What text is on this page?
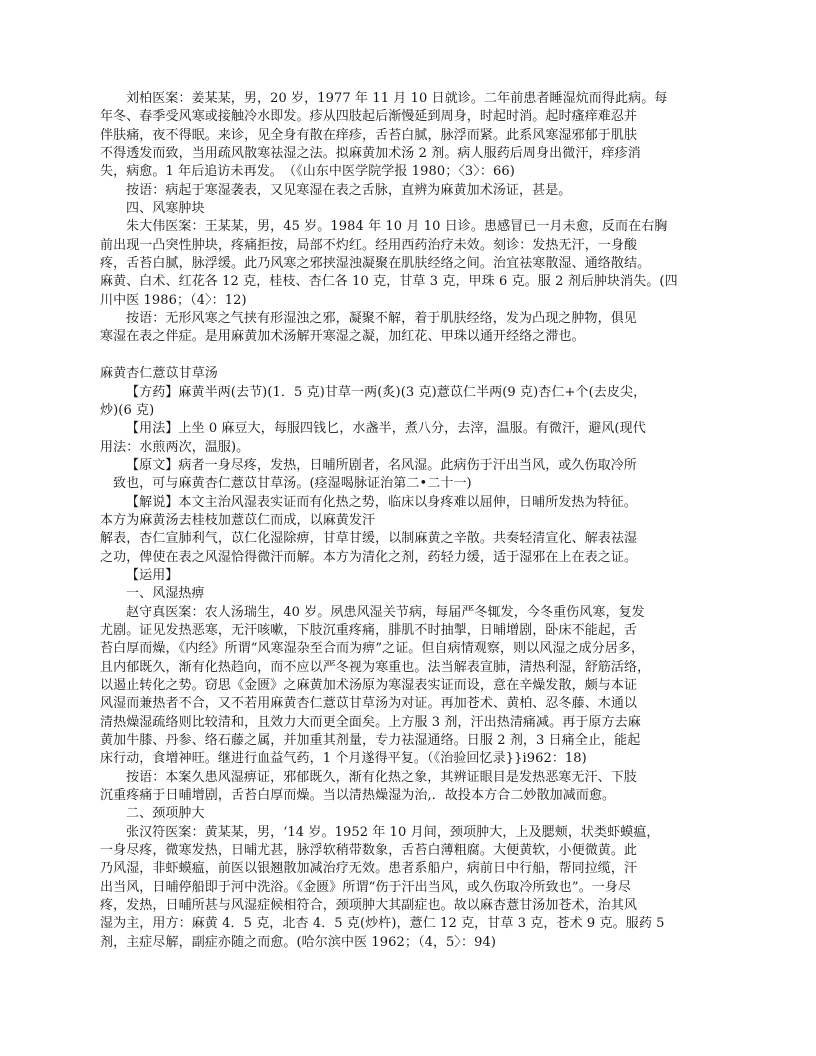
刘柏医案：姜某某，男，20 岁，1977 年 11 月 10 日就诊。二年前患者睡湿炕而得此病。每
年冬、春季受风寒或接触冷水即发。疹从四肢起后渐慢延到周身，时起时消。起时瘙痒难忍并
伴肤痛，夜不得眠。来诊，见全身有散在痒疹，舌苔白腻，脉浮而紧。此系风寒湿邪郁于肌肤
不得透发而致，当用疏风散寒祛湿之法。拟麻黄加术汤 2 剂。病人服药后周身出微汗，痒疹消
失，病愈。1 年后追访未再发。　（《山东中医学院学报 1980；〈3〉：66)
按语：病起于寒湿袭表，又见寒湿在表之舌脉，直辨为麻黄加术汤证，甚是。
四、风寒肿块
朱大伟医案：王某某，男，45 岁。1984 年 10 月 10 日诊。患感冒已一月未愈，反而在右胸
前出现一凸突性肿块，疼痛拒按，局部不灼红。经用西药治疗未效。刻诊：发热无汗，一身酸
疼，舌苔白腻，脉浮缓。此乃风寒之邪挟湿浊凝聚在肌肤经络之间。治宜祛寒散湿、通络散结。
麻黄、白术、红花各 12 克，桂枝、杏仁各 10 克，甘草 3 克，甲珠 6 克。服 2 剂后肿块消失。(四
川中医 1986；（4〉：12)
按语：无形风寒之气挟有形湿浊之邪，凝聚不解，着于肌肤经络，发为凸现之肿物，俱见
寒湿在表之伴症。是用麻黄加术汤解开寒湿之凝，加红花、甲珠以通开经络之滞也。
麻黄杏仁薏苡甘草汤
【方药】麻黄半两(去节)(1．5 克)甘草一两(炙)(3 克)薏苡仁半两(9 克)杏仁+个(去皮尖，
炒)(6 克)
【用法】上坐 0 麻豆大，每服四钱匕，水盏半，煮八分，去滓，温服。有微汗，避风(现代
用法：水煎两次，温服)。
【原文】病者一身尽疼，发热，日晡所剧者，名风湿。此病伤于汗出当风，或久伤取冷所
致也，可与麻黄杏仁薏苡甘草汤。(痉湿喝脉证治第二•二十一)
【解说】本文主治风湿表实证而有化热之势，临床以身疼难以屈伸，日晡所发热为特征。
本方为麻黄汤去桂枝加薏苡仁而成，以麻黄发汗
解表，杏仁宣肺利气，苡仁化湿除痹，甘草甘缓，以制麻黄之辛散。共奏轻清宣化、解表祛湿
之功，俾使在表之风湿恰得微汗而解。本方为清化之剂，药轻力缓，适于湿邪在上在表之证。
【运用】
一、风湿热痹
赵守真医案：农人汤瑞生，40 岁。夙患风湿关节病，每届严冬辄发，今冬重伤风寒，复发
尤剧。证见发热恶寒，无汗咳嗽，下肢沉重疼痛，腓肌不时抽掣，日晡增剧，卧床不能起，舌
苔白厚而燥，《内经》所谓“风寒湿杂至合而为痹”之证。但自病情观察，则以风湿之成分居多，
且内郁既久，渐有化热趋向，而不应以严冬视为寒重也。法当解表宣肺，清热利湿，舒筋活络，
以遏止转化之势。窃思《金匮》之麻黄加术汤原为寒湿表实证而设，意在辛燥发散，颇与本证
风湿而兼热者不合，又不若用麻黄杏仁薏苡甘草汤为对证。再加苍术、黄柏、忍冬藤、木通以
清热燥湿疏络则比较清和，且效力大而更全面矣。上方服 3 剂，汗出热清痛减。再于原方去麻
黄加牛膝、丹参、络石藤之属，并加重其剂量，专力祛湿通络。日服 2 剂，3 日痛全止，能起
床行动，食增神旺。继进行血益气药，1 个月遂得平复。（《治验回忆录}}i962：18)
按语：本案久患风湿痹证，邪郁既久，渐有化热之象，其辨证眼目是发热恶寒无汗、下肢
沉重疼痛于日晡增剧，舌苔白厚而燥。当以清热燥湿为治,．故投本方合二妙散加减而愈。
二、颈项肿大
张汉符医案：黄某某，男，‘14 岁。1952 年 10 月间，颈项肿大，上及腮颊，状类虾蟆瘟，
一身尽疼，微寒发热，日晡尤甚，脉浮软稍带数象，舌苔白薄粗腐。大便黄软，小便微黄。此
乃风湿，非虾蟆瘟，前医以银翘散加减治疗无效。患者系船户，病前日中行船，帮同拉缆，汗
出当风，日晡停船即于河中洗浴。《金匮》所谓“伤于汗出当风，或久伤取冷所致也”。一身尽
疼，发热，日晡所甚与风湿症候相符合，颈项肿大其副症也。故以麻杏薏甘汤加苍术，治其风
湿为主，用方：麻黄 4．5 克，北杏 4．5 克(炒杵)，薏仁 12 克，甘草 3 克，苍术 9 克。服药 5
剂，主症尽解，副症亦随之而愈。(哈尔滨中医 1962；（4，5〉：94)
